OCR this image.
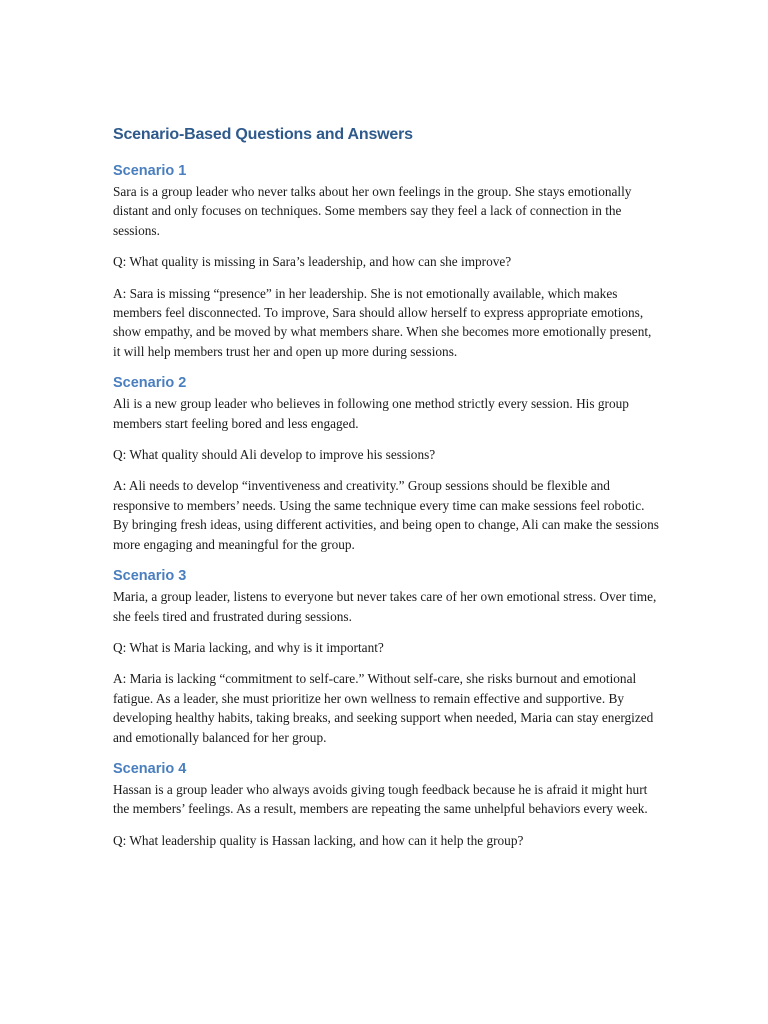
Scenario-Based Questions and Answers
Scenario 1

Sara is a group leader who never talks about her own feelings in the group. She stays emotionally distant and only focuses on techniques. Some members say they feel a lack of connection in the sessions.

Q: What quality is missing in Sara’s leadership, and how can she improve?

A: Sara is missing “presence” in her leadership. She is not emotionally available, which makes members feel disconnected. To improve, Sara should allow herself to express appropriate emotions, show empathy, and be moved by what members share. When she becomes more emotionally present, it will help members trust her and open up more during sessions.

Scenario 2

Ali is a new group leader who believes in following one method strictly every session. His group members start feeling bored and less engaged.

Q: What quality should Ali develop to improve his sessions?

A: Ali needs to develop “inventiveness and creativity.” Group sessions should be flexible and responsive to members’ needs. Using the same technique every time can make sessions feel robotic. By bringing fresh ideas, using different activities, and being open to change, Ali can make the sessions more engaging and meaningful for the group.

Scenario 3

Maria, a group leader, listens to everyone but never takes care of her own emotional stress. Over time, she feels tired and frustrated during sessions.

Q: What is Maria lacking, and why is it important?

A: Maria is lacking “commitment to self-care.” Without self-care, she risks burnout and emotional fatigue. As a leader, she must prioritize her own wellness to remain effective and supportive. By developing healthy habits, taking breaks, and seeking support when needed, Maria can stay energized and emotionally balanced for her group.

Scenario 4

Hassan is a group leader who always avoids giving tough feedback because he is afraid it might hurt the members’ feelings. As a result, members are repeating the same unhelpful behaviors every week.

Q: What leadership quality is Hassan lacking, and how can it help the group?
